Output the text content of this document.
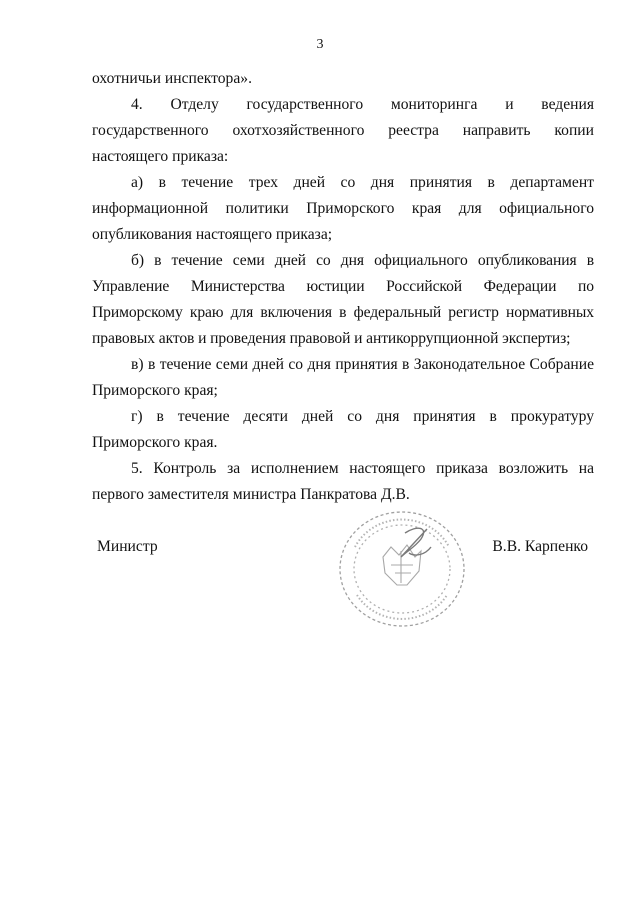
3

охотничьи инспектора».

4. Отделу государственного мониторинга и ведения государственного охотхозяйственного реестра направить копии настоящего приказа:

а) в течение трех дней со дня принятия в департамент информационной политики Приморского края для официального опубликования настоящего приказа;

б) в течение семи дней со дня официального опубликования в Управление Министерства юстиции Российской Федерации по Приморскому краю для включения в федеральный регистр нормативных правовых актов и проведения правовой и антикоррупционной экспертиз;

в) в течение семи дней со дня принятия в Законодательное Собрание Приморского края;

г) в течение десяти дней со дня принятия в прокуратуру Приморского края.

5. Контроль за исполнением настоящего приказа возложить на первого заместителя министра Панкратова Д.В.

Министр	В.В. Карпенко
